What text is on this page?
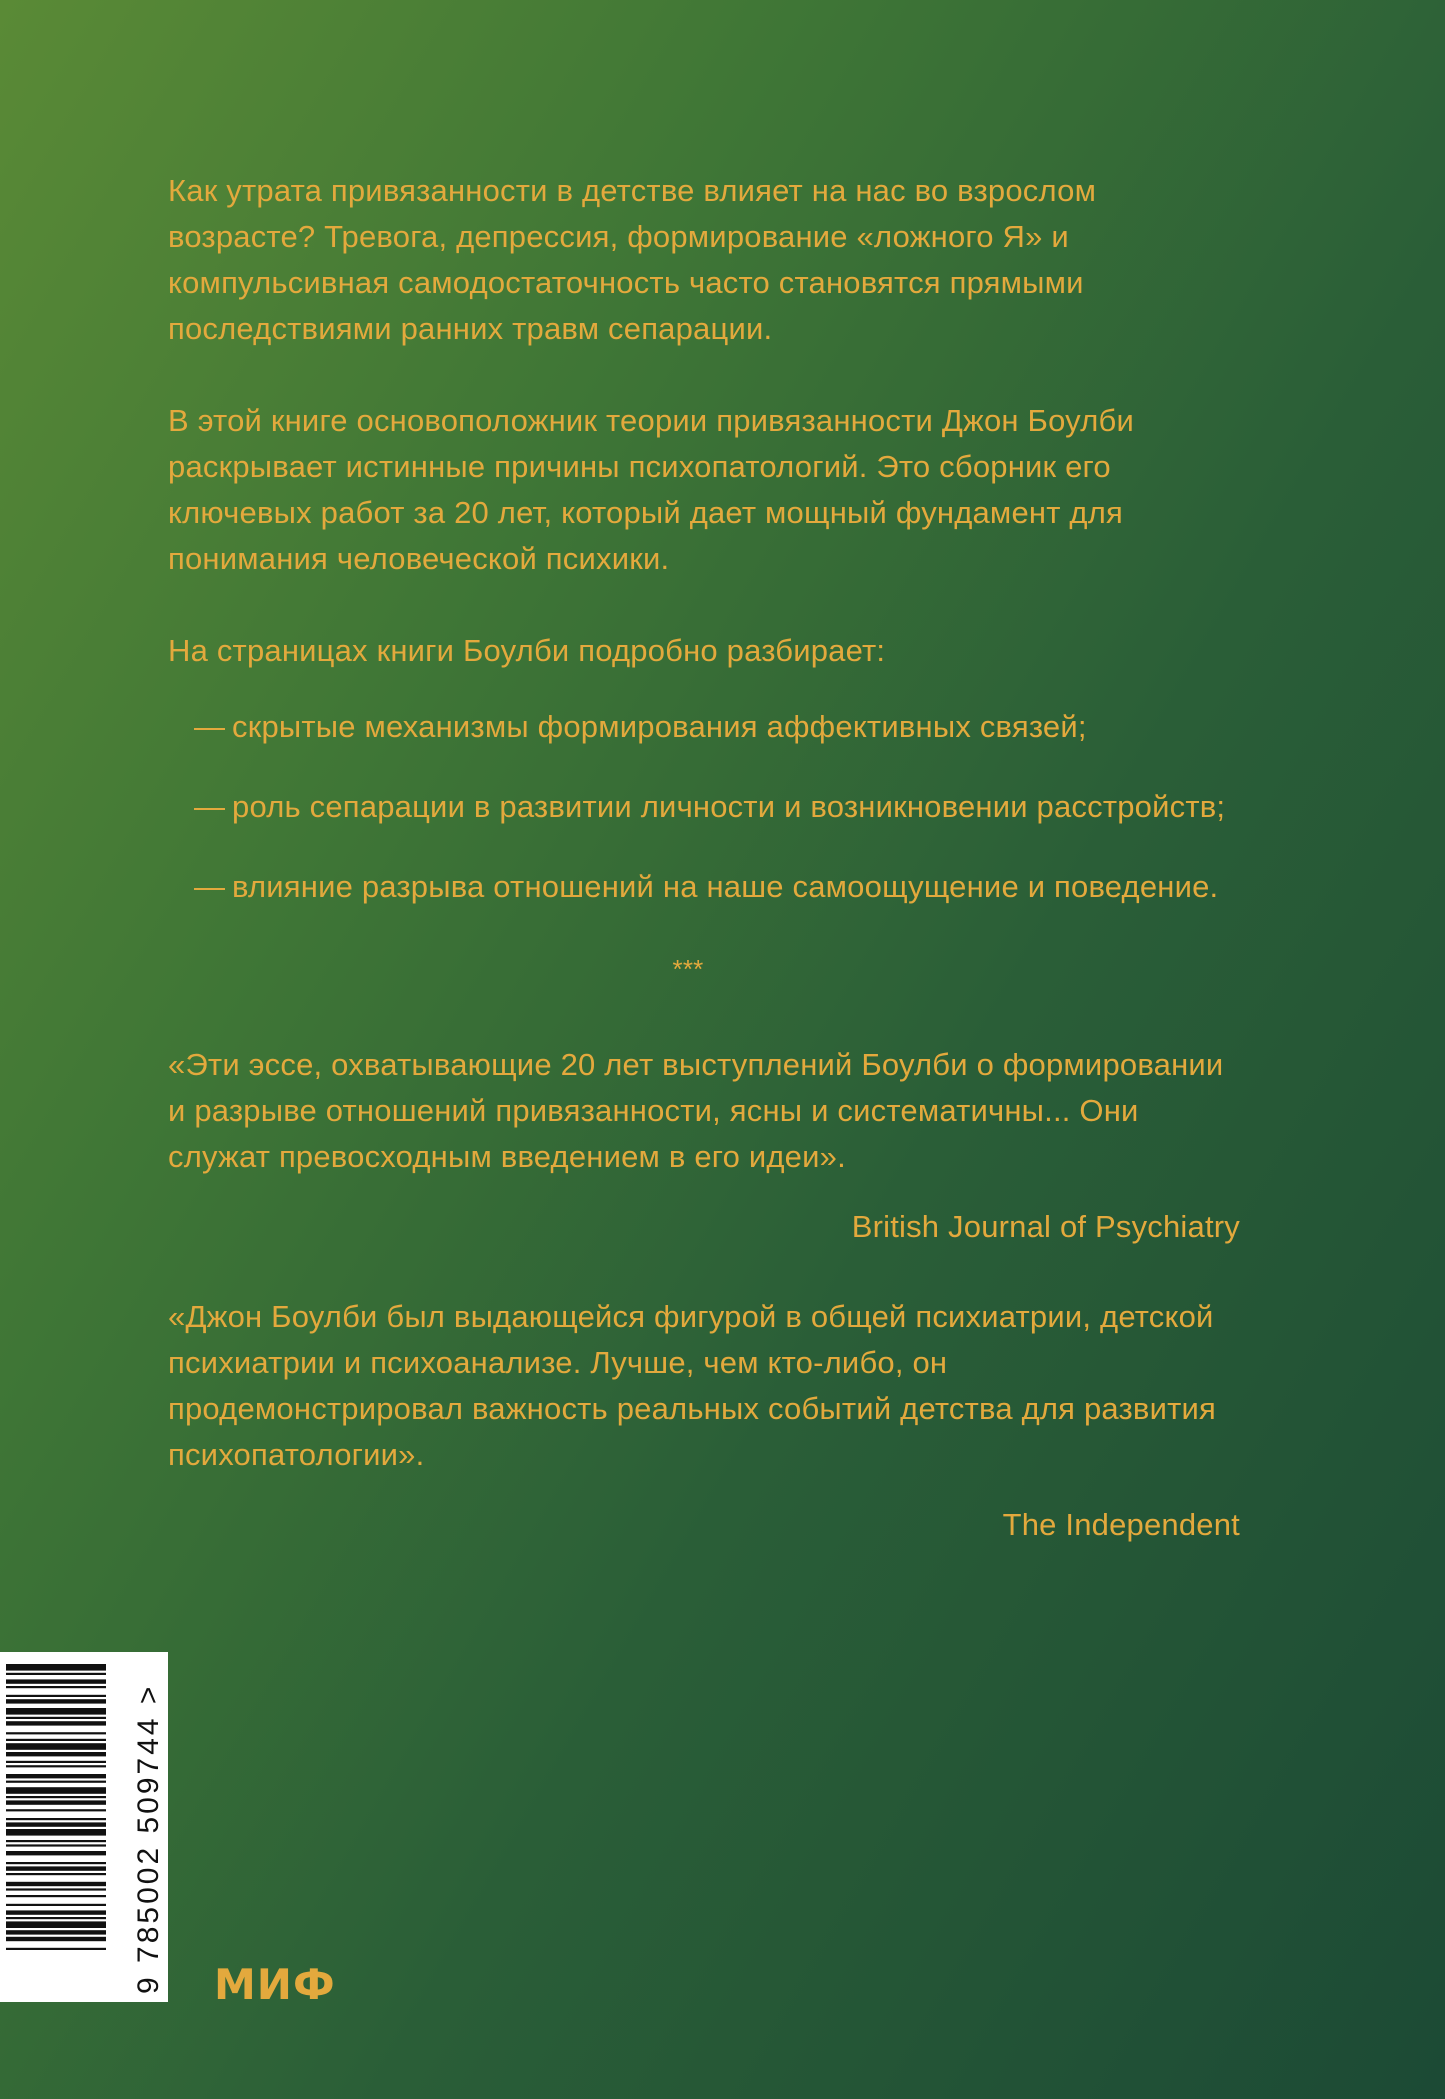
Как утрата привязанности в детстве влияет на нас во взрослом возрасте? Тревога, депрессия, формирование «ложного Я» и компульсивная самодостаточность часто становятся прямыми последствиями ранних травм сепарации.

В этой книге основоположник теории привязанности Джон Боулби раскрывает истинные причины психопатологий. Это сборник его ключевых работ за 20 лет, который дает мощный фундамент для понимания человеческой психики.

На страницах книги Боулби подробно разбирает:

— скрытые механизмы формирования аффективных связей;
— роль сепарации в развитии личности и возникновении расстройств;
— влияние разрыва отношений на наше самоощущение и поведение.
***

«Эти эссе, охватывающие 20 лет выступлений Боулби о формировании и разрыве отношений привязанности, ясны и систематичны... Они служат превосходным введением в его идеи».

British Journal of Psychiatry

«Джон Боулби был выдающейся фигурой в общей психиатрии, детской психиатрии и психоанализе. Лучше, чем кто-либо, он продемонстрировал важность реальных событий детства для развития психопатологии».

The Independent
9 785002 509744 > МИФ
